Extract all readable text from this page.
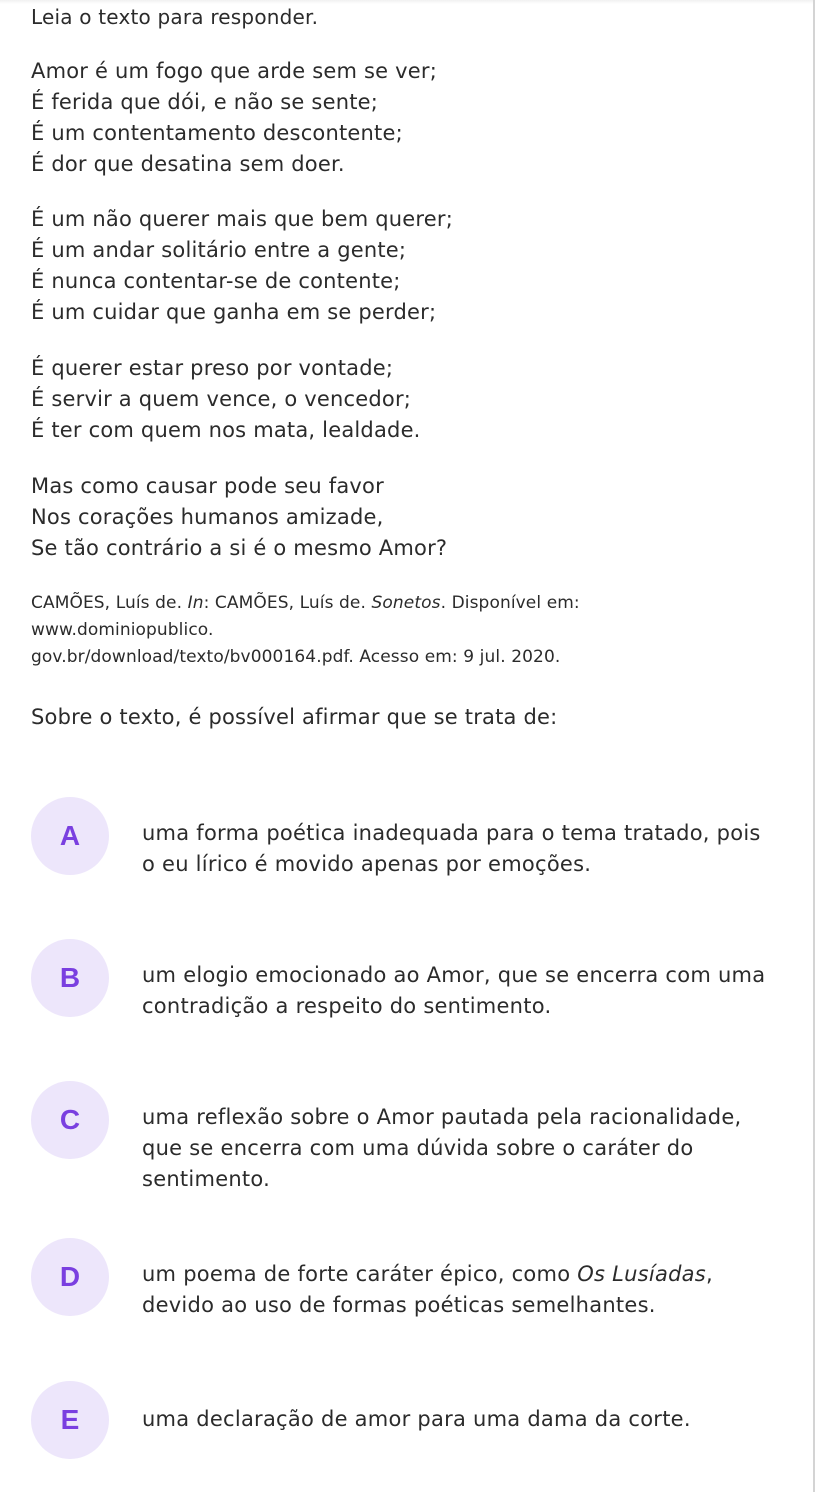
Leia o texto para responder.

Amor é um fogo que arde sem se ver;
É ferida que dói, e não se sente;
É um contentamento descontente;
É dor que desatina sem doer.

É um não querer mais que bem querer;
É um andar solitário entre a gente;
É nunca contentar-se de contente;
É um cuidar que ganha em se perder;

É querer estar preso por vontade;
É servir a quem vence, o vencedor;
É ter com quem nos mata, lealdade.

Mas como causar pode seu favor
Nos corações humanos amizade,
Se tão contrário a si é o mesmo Amor?

CAMÕES, Luís de. In: CAMÕES, Luís de. Sonetos. Disponível em:
www.dominiopublico.
gov.br/download/texto/bv000164.pdf. Acesso em: 9 jul. 2020.
Sobre o texto, é possível afirmar que se trata de:
A	uma forma poética inadequada para o tema tratado, pois
o eu lírico é movido apenas por emoções.
B	um elogio emocionado ao Amor, que se encerra com uma
contradição a respeito do sentimento.
C	uma reflexão sobre o Amor pautada pela racionalidade,
que se encerra com uma dúvida sobre o caráter do
sentimento.
D	um poema de forte caráter épico, como Os Lusíadas,
devido ao uso de formas poéticas semelhantes.
E	uma declaração de amor para uma dama da corte.
